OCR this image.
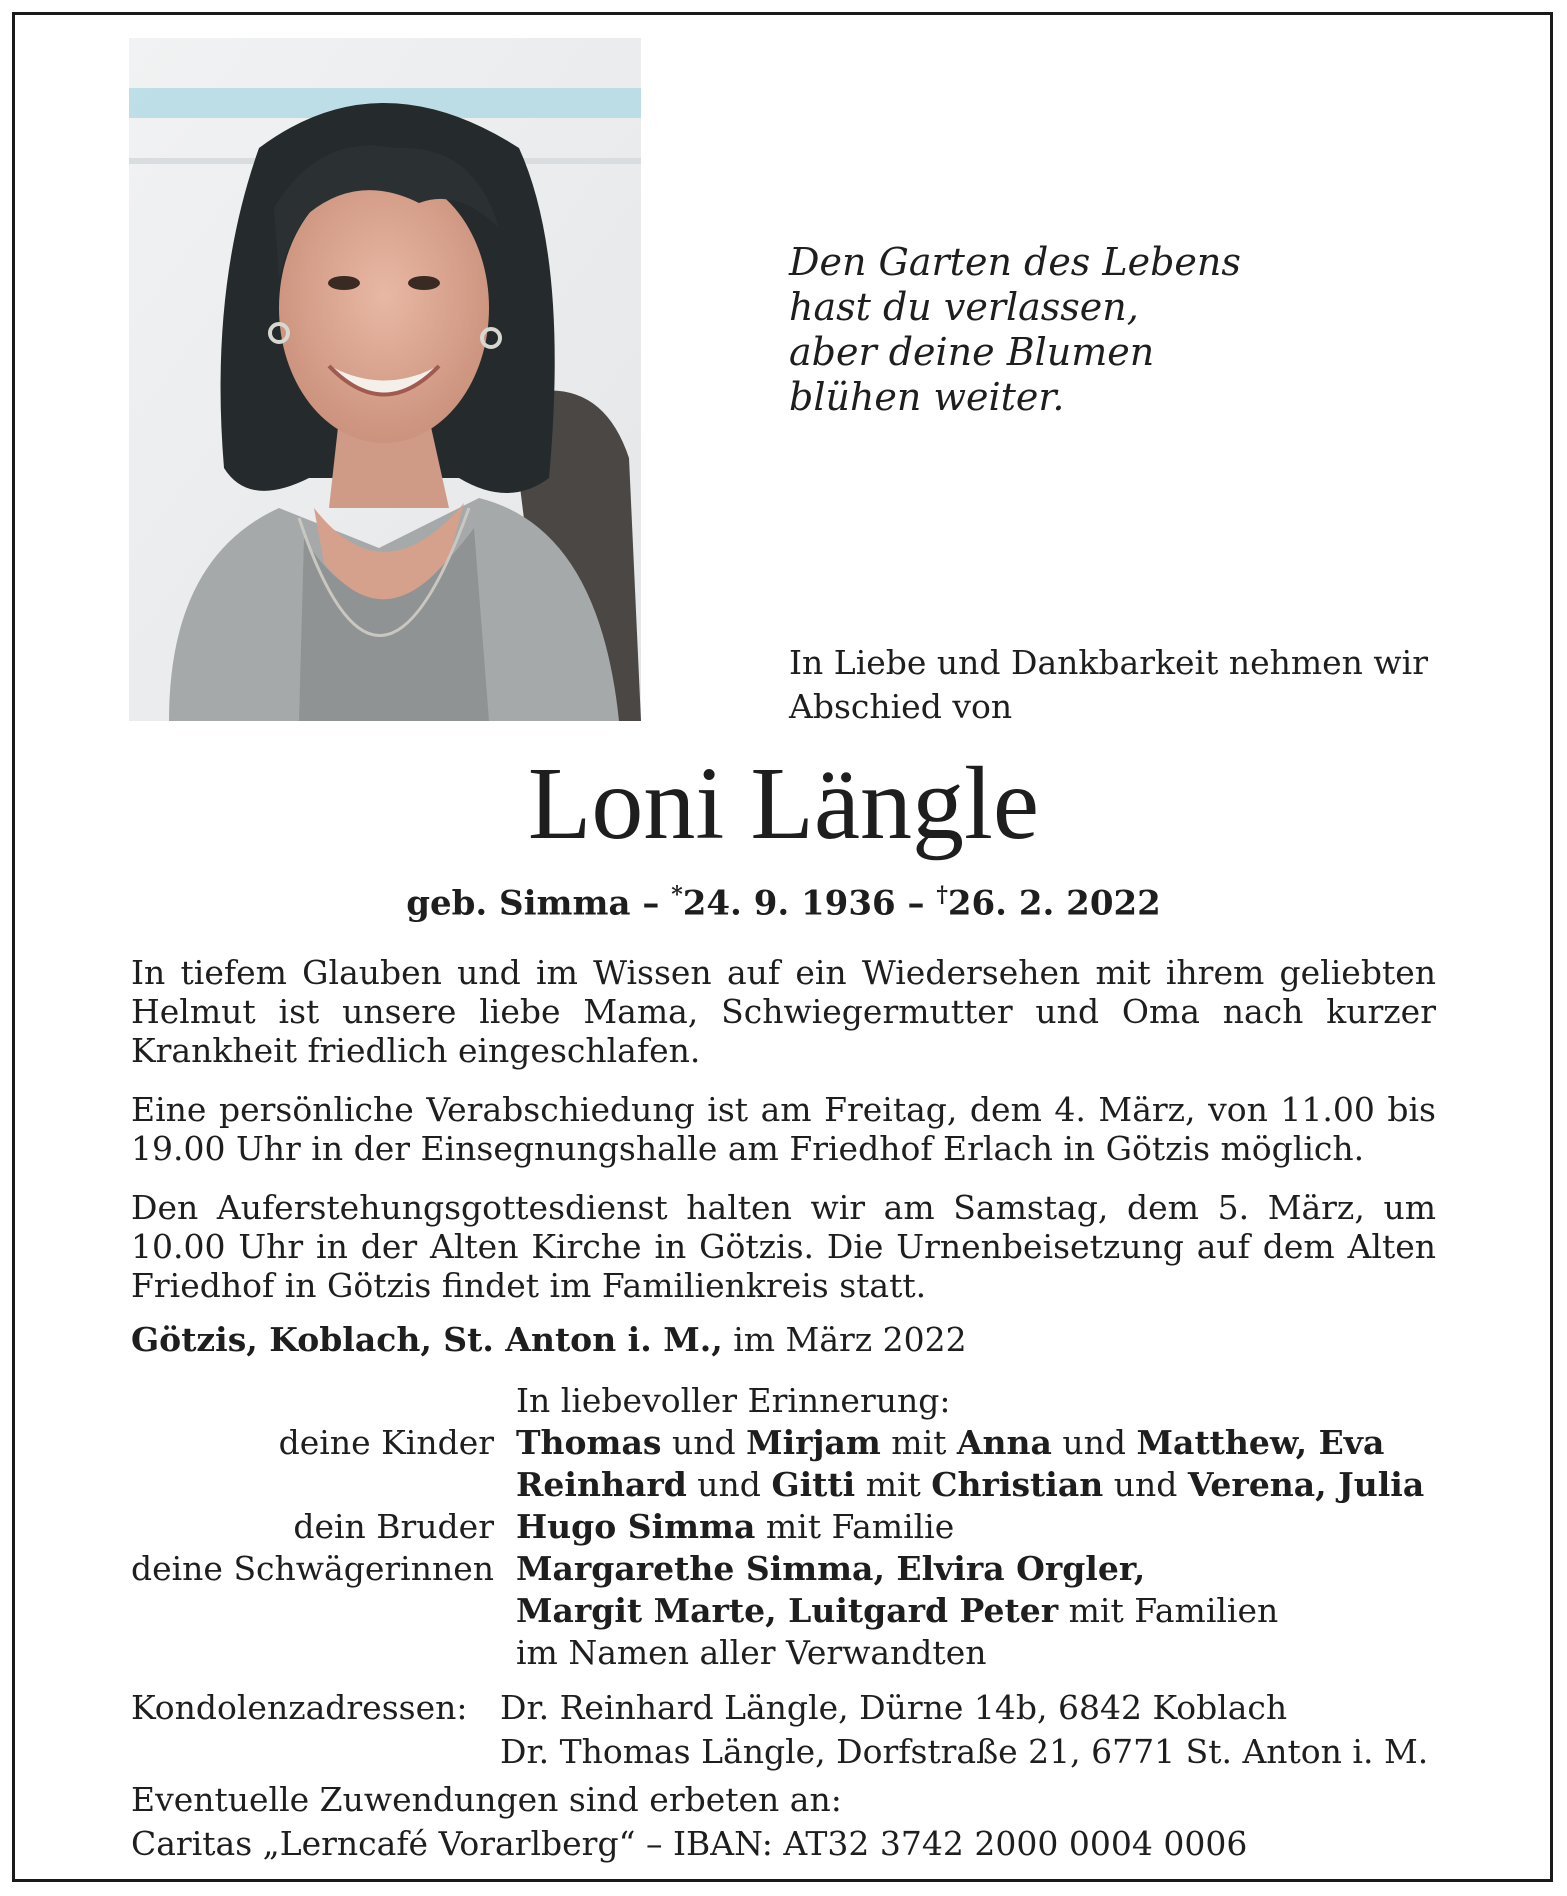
Den Garten des Lebens
hast du verlassen,
aber deine Blumen
blühen weiter.
In Liebe und Dankbarkeit nehmen wir
Abschied von
Loni Längle
geb. Simma – *24. 9. 1936 – †26. 2. 2022
In tiefem Glauben und im Wissen auf ein Wiedersehen mit ihrem geliebten Helmut ist unsere liebe Mama, Schwiegermutter und Oma nach kurzer Krankheit friedlich eingeschlafen.
Eine persönliche Verabschiedung ist am Freitag, dem 4. März, von 11.00 bis 19.00 Uhr in der Einsegnungshalle am Friedhof Erlach in Götzis möglich.
Den Auferstehungsgottesdienst halten wir am Samstag, dem 5. März, um 10.00 Uhr in der Alten Kirche in Götzis. Die Urnenbeisetzung auf dem Alten Friedhof in Götzis findet im Familienkreis statt.
Götzis, Koblach, St. Anton i. M., im März 2022
deine Kinder
dein Bruder
deine Schwägerinnen
In liebevoller Erinnerung:
Thomas und Mirjam mit Anna und Matthew, Eva
Reinhard und Gitti mit Christian und Verena, Julia
Hugo Simma mit Familie
Margarethe Simma, Elvira Orgler,
Margit Marte, Luitgard Peter mit Familien
im Namen aller Verwandten
Kondolenzadressen: Dr. Reinhard Längle, Dürne 14b, 6842 Koblach
Dr. Thomas Längle, Dorfstraße 21, 6771 St. Anton i. M.
Eventuelle Zuwendungen sind erbeten an:
Caritas „Lerncafé Vorarlberg“ – IBAN: AT32 3742 2000 0004 0006
